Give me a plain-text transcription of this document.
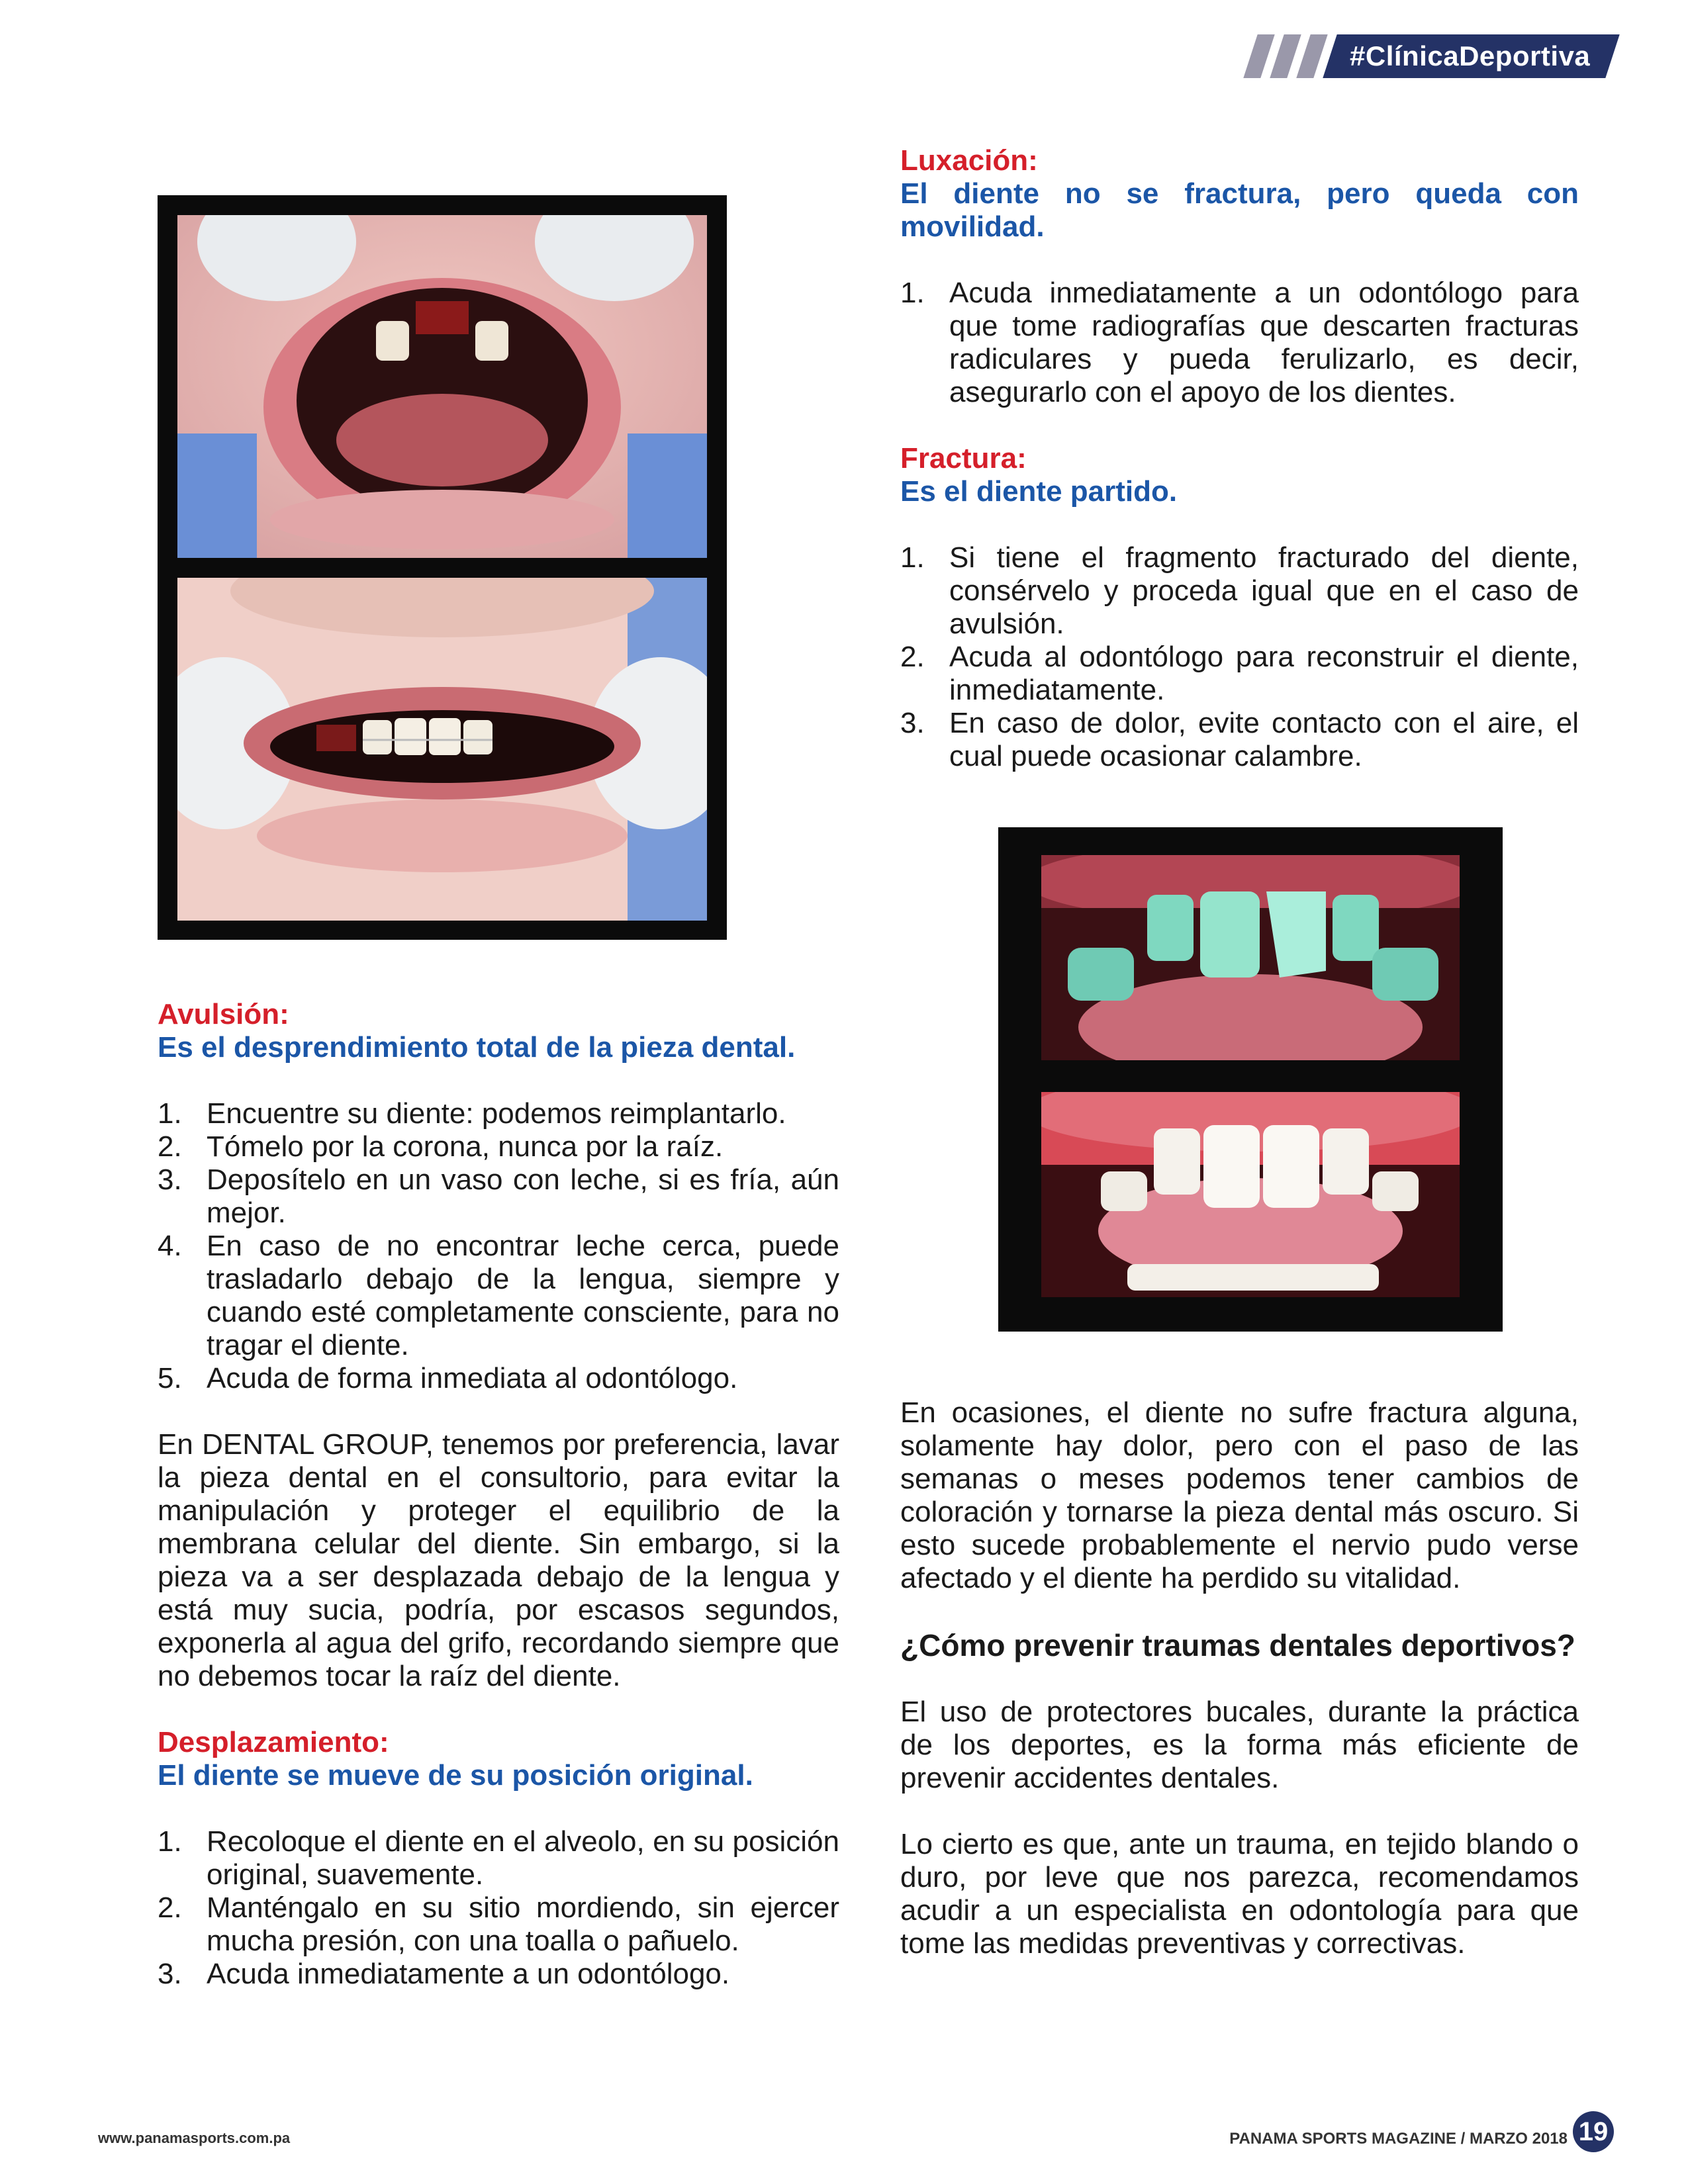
#ClínicaDeportiva
Luxación:
El diente no se fractura, pero queda con movilidad.
1. Acuda inmediatamente a un odontólogo para que tome radiografías que descarten fracturas radiculares y pueda ferulizarlo, es decir, asegurarlo con el apoyo de los dientes.
Fractura:
Es el diente partido.
1. Si tiene el fragmento fracturado del diente, consérvelo y proceda igual que en el caso de avulsión.
2. Acuda al odontólogo para reconstruir el diente, inmediatamente.
3. En caso de dolor, evite contacto con el aire, el cual puede ocasionar calambre.
Avulsión:
Es el desprendimiento total de la pieza dental.
1. Encuentre su diente: podemos reimplantarlo.
2. Tómelo por la corona, nunca por la raíz.
3. Deposítelo en un vaso con leche, si es fría, aún mejor.
4. En caso de no encontrar leche cerca, puede trasladarlo debajo de la lengua, siempre y cuando esté completamente consciente, para no tragar el diente.
5. Acuda de forma inmediata al odontólogo.
En DENTAL GROUP, tenemos por preferencia, lavar la pieza dental en el consultorio, para evitar la manipulación y proteger el equilibrio de la membrana celular del diente. Sin embargo, si la pieza va a ser desplazada debajo de la lengua y está muy sucia, podría, por escasos segundos, exponerla al agua del grifo, recordando siempre que no debemos tocar la raíz del diente.
Desplazamiento:
El diente se mueve de su posición original.
1. Recoloque el diente en el alveolo, en su posición original, suavemente.
2. Manténgalo en su sitio mordiendo, sin ejercer mucha presión, con una toalla o pañuelo.
3. Acuda inmediatamente a un odontólogo.
En ocasiones, el diente no sufre fractura alguna, solamente hay dolor, pero con el paso de las semanas o meses podemos tener cambios de coloración y tornarse la pieza dental más oscuro. Si esto sucede probablemente el nervio pudo verse afectado y el diente ha perdido su vitalidad.
¿Cómo prevenir traumas dentales deportivos?
El uso de protectores bucales, durante la práctica de los deportes, es la forma más eficiente de prevenir accidentes dentales.
Lo cierto es que, ante un trauma, en tejido blando o duro, por leve que nos parezca, recomendamos acudir a un especialista en odontología para que tome las medidas preventivas y correctivas.
www.panamasports.com.pa	PANAMA SPORTS MAGAZINE / MARZO 2018 19
